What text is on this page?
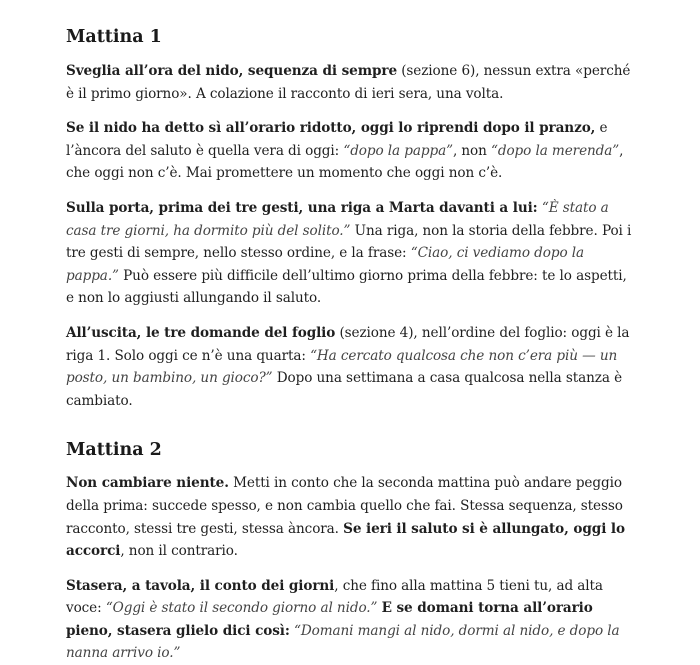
Mattina 1

Sveglia all’ora del nido, sequenza di sempre (sezione 6), nessun extra «perché è il primo giorno». A colazione il racconto di ieri sera, una volta.

Se il nido ha detto sì all’orario ridotto, oggi lo riprendi dopo il pranzo, e l’àncora del saluto è quella vera di oggi: “dopo la pappa”, non “dopo la merenda”, che oggi non c’è. Mai promettere un momento che oggi non c’è.

Sulla porta, prima dei tre gesti, una riga a Marta davanti a lui: “È stato a casa tre giorni, ha dormito più del solito.” Una riga, non la storia della febbre. Poi i tre gesti di sempre, nello stesso ordine, e la frase: “Ciao, ci vediamo dopo la pappa.” Può essere più difficile dell’ultimo giorno prima della febbre: te lo aspetti, e non lo aggiusti allungando il saluto.

All’uscita, le tre domande del foglio (sezione 4), nell’ordine del foglio: oggi è la riga 1. Solo oggi ce n’è una quarta: “Ha cercato qualcosa che non c’era più — un posto, un bambino, un gioco?” Dopo una settimana a casa qualcosa nella stanza è cambiato.

Mattina 2

Non cambiare niente. Metti in conto che la seconda mattina può andare peggio della prima: succede spesso, e non cambia quello che fai. Stessa sequenza, stesso racconto, stessi tre gesti, stessa àncora. Se ieri il saluto si è allungato, oggi lo accorci, non il contrario.

Stasera, a tavola, il conto dei giorni, che fino alla mattina 5 tieni tu, ad alta voce: “Oggi è stato il secondo giorno al nido.” E se domani torna all’orario pieno, stasera glielo dici così: “Domani mangi al nido, dormi al nido, e dopo la nanna arrivo io.”
